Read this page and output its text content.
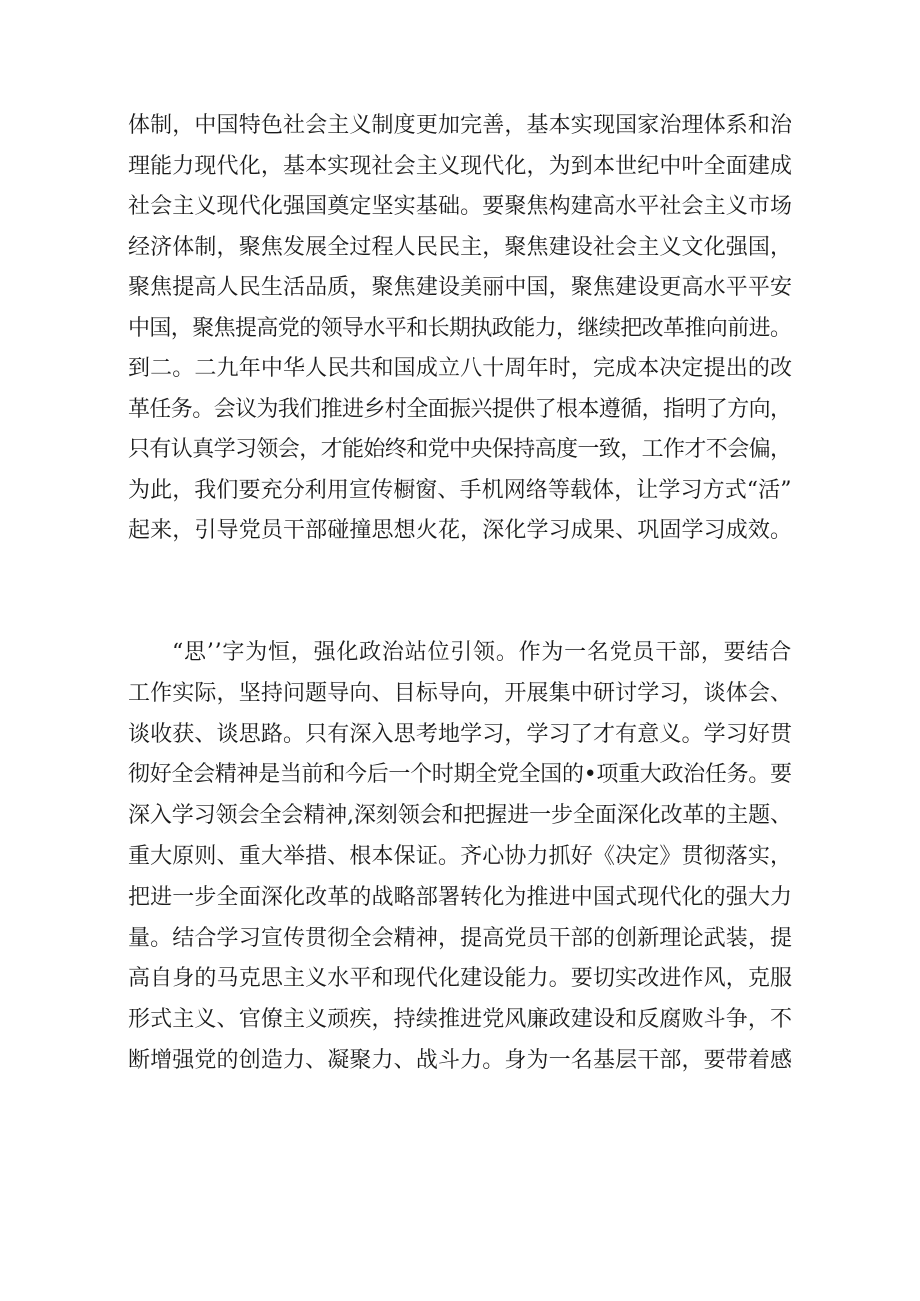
体制，中国特色社会主义制度更加完善，基本实现国家治理体系和治
理能力现代化，基本实现社会主义现代化，为到本世纪中叶全面建成
社会主义现代化强国奠定坚实基础。要聚焦构建高水平社会主义市场
经济体制，聚焦发展全过程人民民主，聚焦建设社会主义文化强国，
聚焦提高人民生活品质，聚焦建设美丽中国，聚焦建设更高水平平安
中国，聚焦提高党的领导水平和长期执政能力，继续把改革推向前进。
到二。二九年中华人民共和国成立八十周年时，完成本决定提出的改
革任务。会议为我们推进乡村全面振兴提供了根本遵循，指明了方向，
只有认真学习领会，才能始终和党中央保持高度一致，工作才不会偏，
为此，我们要充分利用宣传橱窗、手机网络等载体，让学习方式“活”
起来，引导党员干部碰撞思想火花，深化学习成果、巩固学习成效。
“思’’字为恒，强化政治站位引领。作为一名党员干部，要结合
工作实际，坚持问题导向、目标导向，开展集中研讨学习，谈体会、
谈收获、谈思路。只有深入思考地学习，学习了才有意义。学习好贯
彻好全会精神是当前和今后一个时期全党全国的•项重大政治任务。要
深入学习领会全会精神,深刻领会和把握进一步全面深化改革的主题、
重大原则、重大举措、根本保证。齐心协力抓好《决定》贯彻落实，
把进一步全面深化改革的战略部署转化为推进中国式现代化的强大力
量。结合学习宣传贯彻全会精神，提高党员干部的创新理论武装，提
高自身的马克思主义水平和现代化建设能力。要切实改进作风，克服
形式主义、官僚主义顽疾，持续推进党风廉政建设和反腐败斗争，不
断增强党的创造力、凝聚力、战斗力。身为一名基层干部，要带着感
